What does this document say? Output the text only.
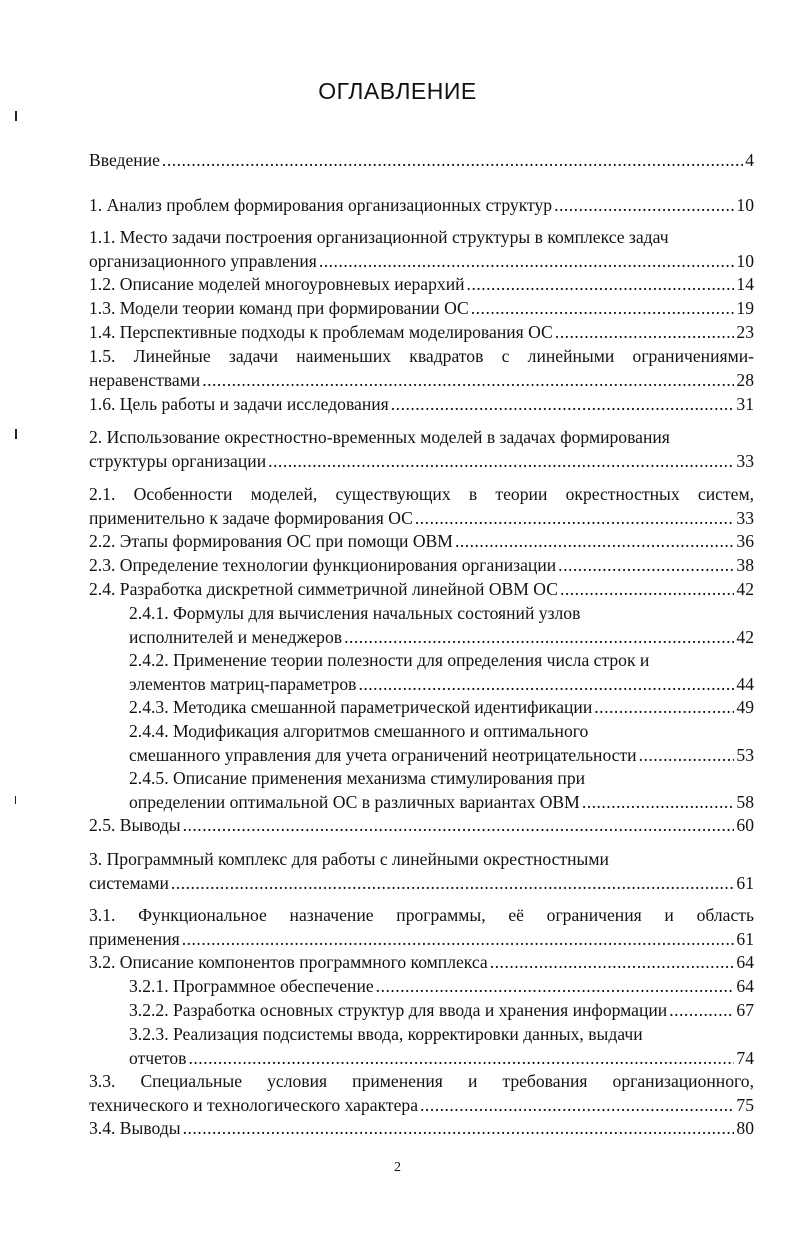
ОГЛАВЛЕНИЕ
Введение .....	4
1. Анализ проблем формирования организационных структур .....	10
1.1. Место задачи построения организационной структуры в комплексе задач
организационного управления .....	10
1.2. Описание моделей многоуровневых иерархий .....	14
1.3. Модели теории команд при формировании ОС .....	19
1.4. Перспективные подходы к проблемам моделирования ОС .....	23
1.5. Линейные задачи наименьших квадратов с линейными ограничениями-
неравенствами .....	28
1.6. Цель работы и задачи исследования .....	31
2. Использование окрестностно-временных моделей в задачах формирования
структуры организации .....	33
2.1. Особенности моделей, существующих в теории окрестностных систем,
применительно к задаче формирования ОС .....	33
2.2. Этапы формирования ОС при помощи ОВМ .....	36
2.3. Определение технологии функционирования организации .....	38
2.4. Разработка дискретной симметричной линейной ОВМ ОС .....	42
2.4.1. Формулы для вычисления начальных состояний узлов
исполнителей и менеджеров .....	42
2.4.2. Применение теории полезности для определения числа строк и
элементов матриц-параметров .....	44
2.4.3. Методика смешанной параметрической идентификации .....	49
2.4.4. Модификация алгоритмов смешанного и оптимального
смешанного управления для учета ограничений неотрицательности .....	53
2.4.5. Описание применения механизма стимулирования при
определении оптимальной ОС в различных вариантах ОВМ .....	58
2.5. Выводы .....	60
3. Программный комплекс для работы с линейными окрестностными
системами .....	61
3.1. Функциональное назначение программы, её ограничения и область
применения .....	61
3.2. Описание компонентов программного комплекса .....	64
3.2.1. Программное обеспечение .....	64
3.2.2. Разработка основных структур для ввода и хранения информации .....	67
3.2.3. Реализация подсистемы ввода, корректировки данных, выдачи
отчетов .....	74
3.3. Специальные условия применения и требования организационного,
технического и технологического характера .....	75
3.4. Выводы .....	80
2
